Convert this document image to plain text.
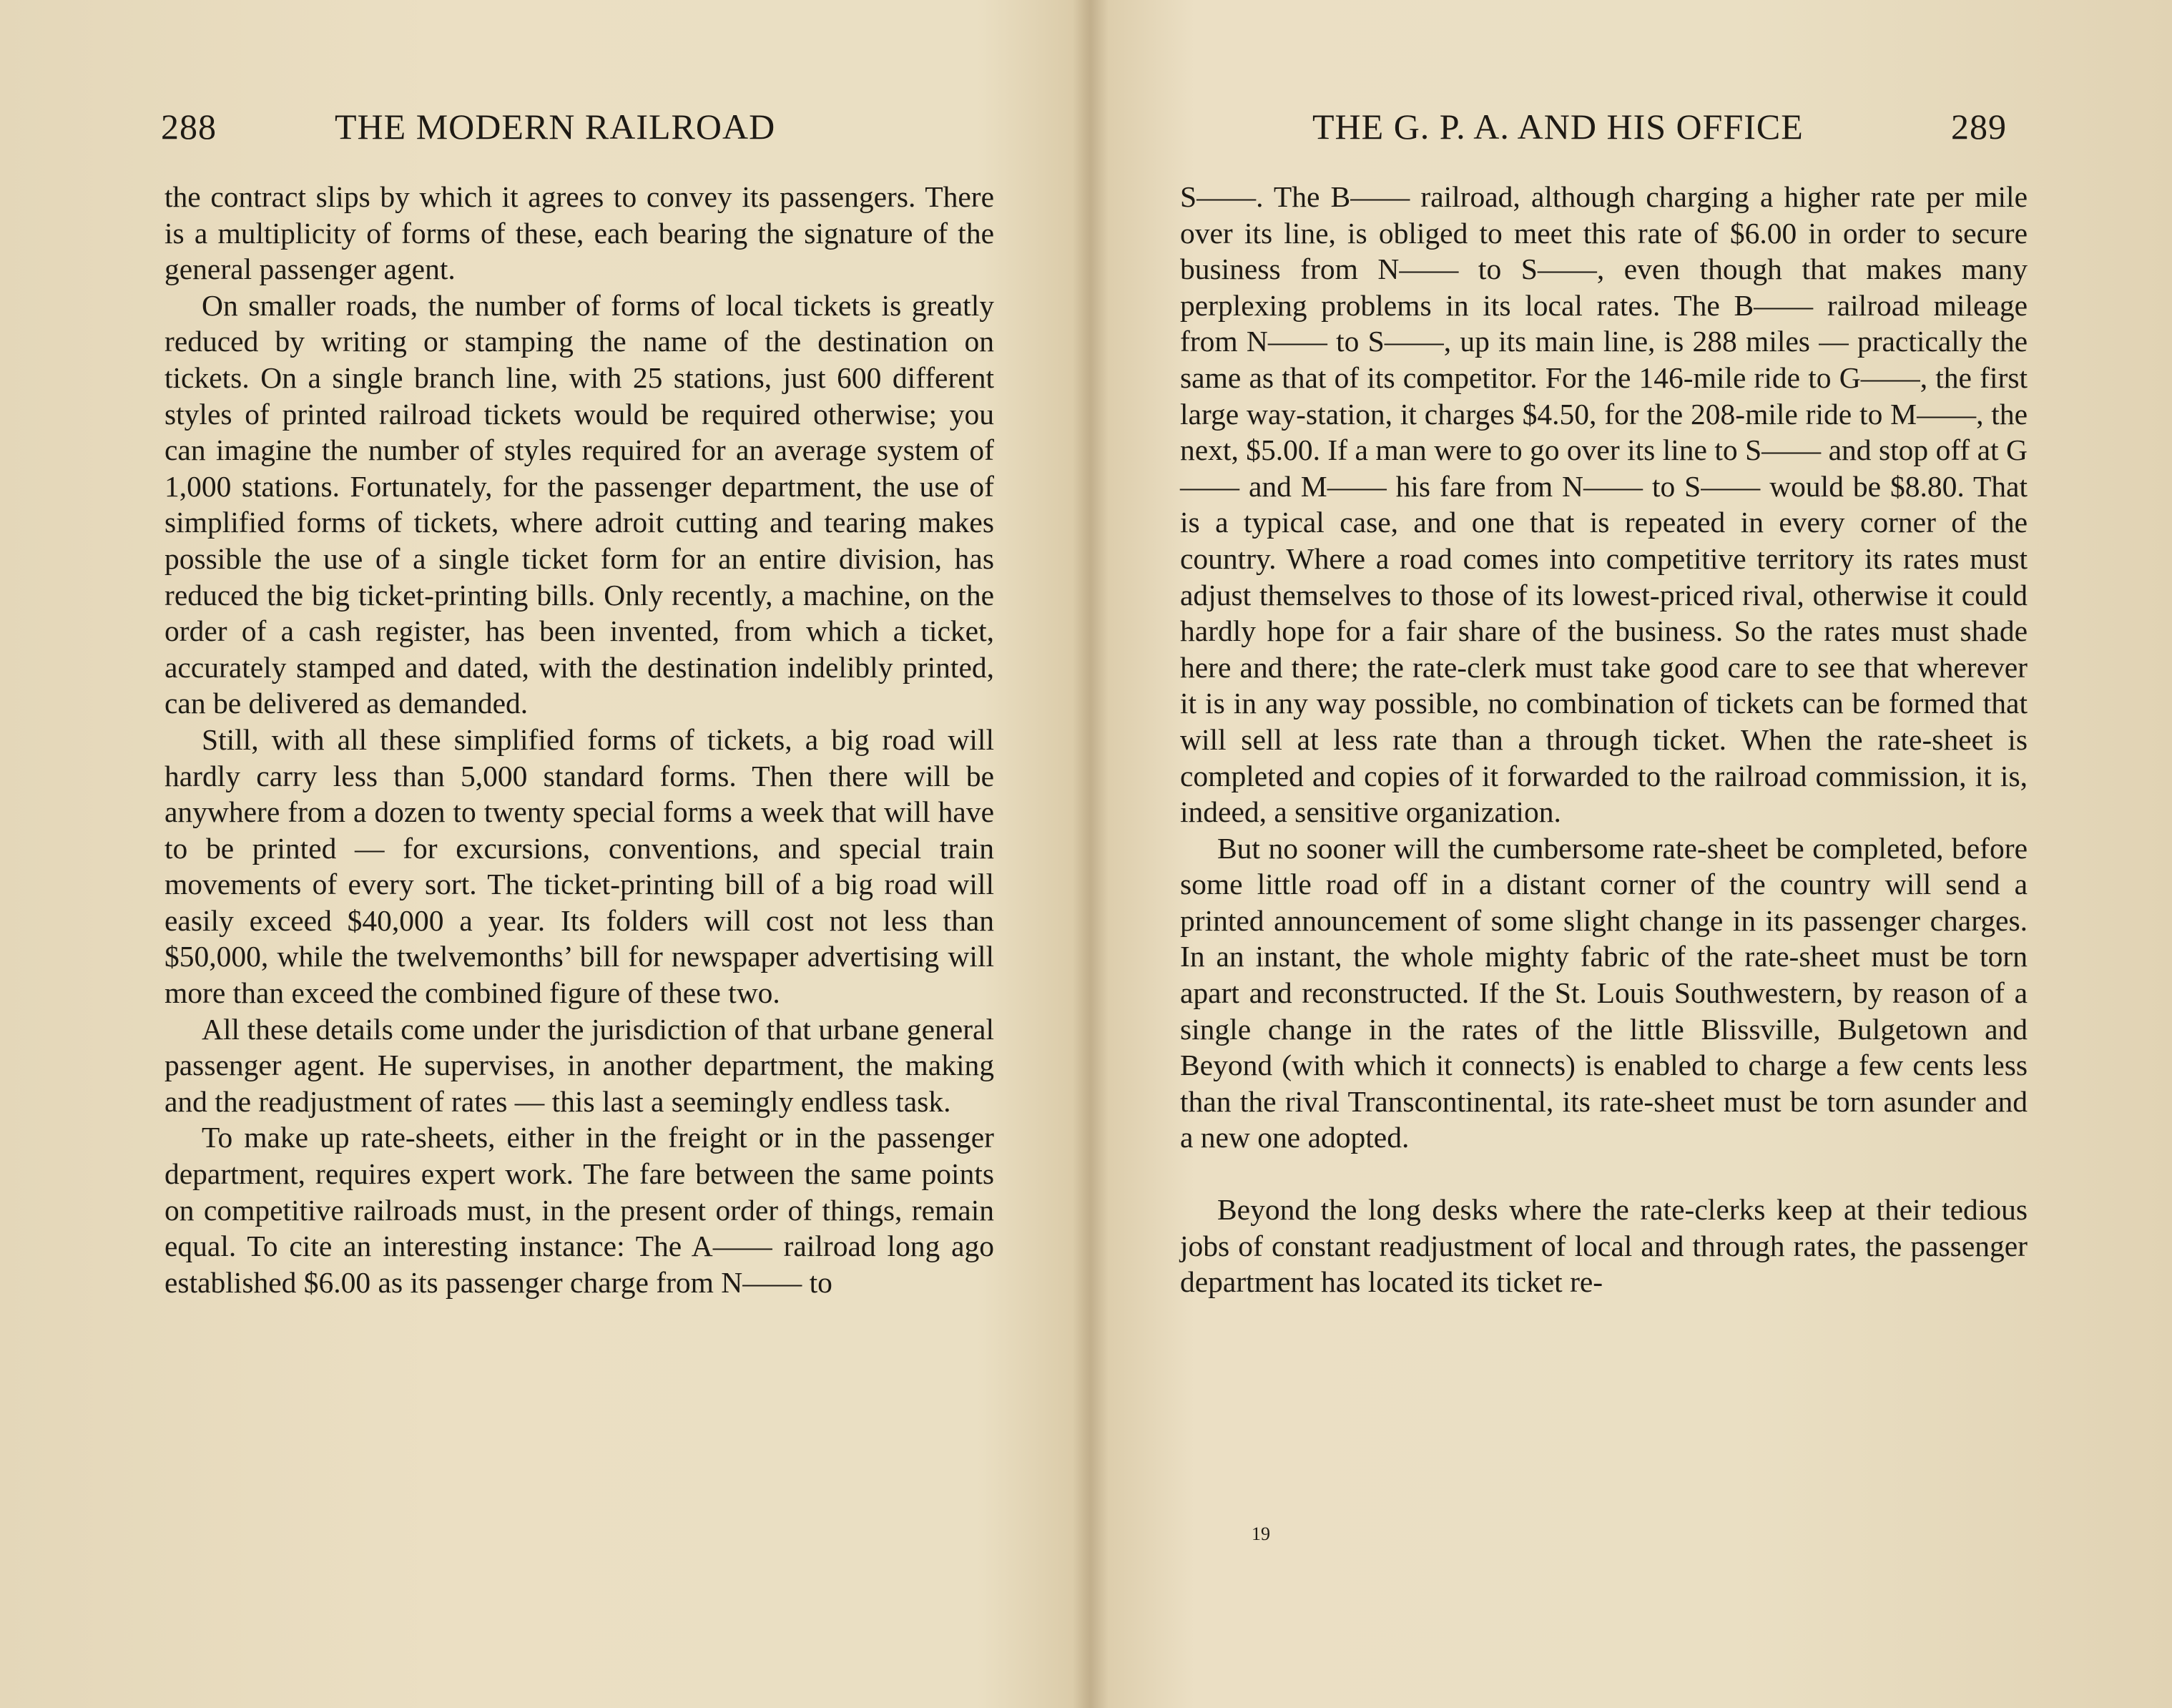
288	THE MODERN RAILROAD

the contract slips by which it agrees to convey its passengers. There is a multiplicity of forms of these, each bearing the signature of the general passenger agent.

On smaller roads, the number of forms of local tickets is greatly reduced by writing or stamping the name of the destination on tickets. On a single branch line, with 25 stations, just 600 different styles of printed railroad tickets would be required otherwise; you can imagine the number of styles required for an average system of 1,000 stations. Fortunately, for the passenger department, the use of simplified forms of tickets, where adroit cutting and tearing makes possible the use of a single ticket form for an entire division, has reduced the big ticket-printing bills. Only recently, a machine, on the order of a cash register, has been invented, from which a ticket, accurately stamped and dated, with the destination indelibly printed, can be delivered as demanded.

Still, with all these simplified forms of tickets, a big road will hardly carry less than 5,000 standard forms. Then there will be anywhere from a dozen to twenty special forms a week that will have to be printed — for excursions, conventions, and special train movements of every sort. The ticket-printing bill of a big road will easily exceed $40,000 a year. Its folders will cost not less than $50,000, while the twelvemonths’ bill for newspaper advertising will more than exceed the combined figure of these two.

All these details come under the jurisdiction of that urbane general passenger agent. He supervises, in another department, the making and the readjustment of rates — this last a seemingly endless task.

To make up rate-sheets, either in the freight or in the passenger department, requires expert work. The fare between the same points on competitive railroads must, in the present order of things, remain equal. To cite an interesting instance: The A—— railroad long ago established $6.00 as its passenger charge from N—— to

THE G. P. A. AND HIS OFFICE	289

S——. The B—— railroad, although charging a higher rate per mile over its line, is obliged to meet this rate of $6.00 in order to secure business from N—— to S——, even though that makes many perplexing problems in its local rates. The B—— railroad mileage from N—— to S——, up its main line, is 288 miles — practically the same as that of its competitor. For the 146-mile ride to G——, the first large way-station, it charges $4.50, for the 208-mile ride to M——, the next, $5.00. If a man were to go over its line to S—— and stop off at G—— and M—— his fare from N—— to S—— would be $8.80. That is a typical case, and one that is repeated in every corner of the country. Where a road comes into competitive territory its rates must adjust themselves to those of its lowest-priced rival, otherwise it could hardly hope for a fair share of the business. So the rates must shade here and there; the rate-clerk must take good care to see that wherever it is in any way possible, no combination of tickets can be formed that will sell at less rate than a through ticket. When the rate-sheet is completed and copies of it forwarded to the railroad commission, it is, indeed, a sensitive organization.

But no sooner will the cumbersome rate-sheet be completed, before some little road off in a distant corner of the country will send a printed announcement of some slight change in its passenger charges. In an instant, the whole mighty fabric of the rate-sheet must be torn apart and reconstructed. If the St. Louis Southwestern, by reason of a single change in the rates of the little Blissville, Bulgetown and Beyond (with which it connects) is enabled to charge a few cents less than the rival Transcontinental, its rate-sheet must be torn asunder and a new one adopted.

Beyond the long desks where the rate-clerks keep at their tedious jobs of constant readjustment of local and through rates, the passenger department has located its ticket re-

19
